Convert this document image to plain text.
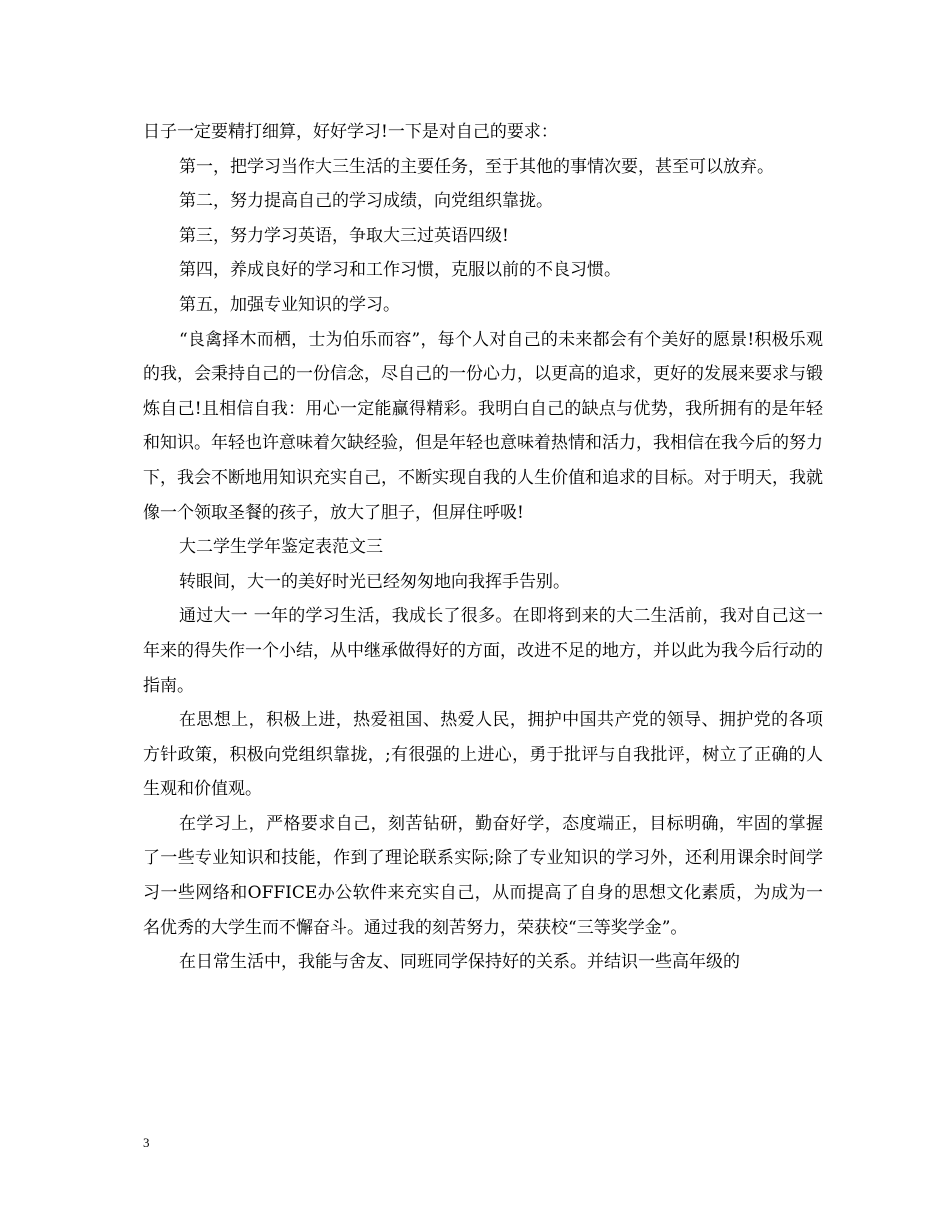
日子一定要精打细算，好好学习!一下是对自己的要求：

第一，把学习当作大三生活的主要任务，至于其他的事情次要，甚至可以放弃。

第二，努力提高自己的学习成绩，向党组织靠拢。

第三，努力学习英语，争取大三过英语四级!

第四，养成良好的学习和工作习惯，克服以前的不良习惯。

第五，加强专业知识的学习。

“良禽择木而栖，士为伯乐而容”，每个人对自己的未来都会有个美好的愿景!积极乐观的我，会秉持自己的一份信念，尽自己的一份心力，以更高的追求，更好的发展来要求与锻炼自己!且相信自我：用心一定能赢得精彩。我明白自己的缺点与优势，我所拥有的是年轻和知识。年轻也许意味着欠缺经验，但是年轻也意味着热情和活力，我相信在我今后的努力下，我会不断地用知识充实自己，不断实现自我的人生价值和追求的目标。对于明天，我就像一个领取圣餐的孩子，放大了胆子，但屏住呼吸!

大二学生学年鉴定表范文三

转眼间，大一的美好时光已经匆匆地向我挥手告别。

通过大一 一年的学习生活，我成长了很多。在即将到来的大二生活前，我对自己这一年来的得失作一个小结，从中继承做得好的方面，改进不足的地方，并以此为我今后行动的指南。

在思想上，积极上进，热爱祖国、热爱人民，拥护中国共产党的领导、拥护党的各项方针政策，积极向党组织靠拢，;有很强的上进心，勇于批评与自我批评，树立了正确的人生观和价值观。

在学习上，严格要求自己，刻苦钻研，勤奋好学，态度端正，目标明确，牢固的掌握了一些专业知识和技能，作到了理论联系实际;除了专业知识的学习外，还利用课余时间学习一些网络和OFFICE办公软件来充实自己，从而提高了自身的思想文化素质，为成为一名优秀的大学生而不懈奋斗。通过我的刻苦努力，荣获校“三等奖学金”。

在日常生活中，我能与舍友、同班同学保持好的关系。并结识一些高年级的

3
